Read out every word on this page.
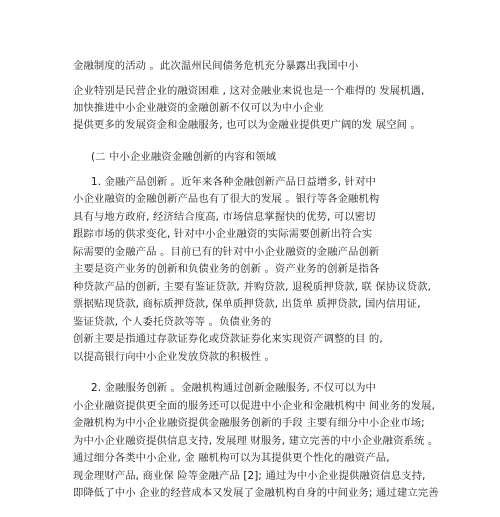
金融制度的活动 。此次温州民间债务危机充分暴露出我国中小
企业特别是民营企业的融资困难 , 这对金融业来说也是一个难得的 发展机遇,
加快推进中小企业融资的金融创新不仅可以为中小企业
提供更多的发展资金和金融服务, 也可以为金融业提供更广阔的发 展空间 。
(二 中小企业融资金融创新的内容和领域
1. 金融产品创新 。近年来各种金融创新产品日益增多, 针对中
小企业融资的金融创新产品也有了很大的发展 。银行等各金融机构
具有与地方政府, 经济结合度高, 市场信息掌握快的优势, 可以密切
跟踪市场的供求变化, 针对中小企业融资的实际需要创新出符合实
际需要的金融产品 。目前已有的针对中小企业融资的金融产品创新
主要是资产业务的创新和负债业务的创新 。资产业务的创新是指各
种贷款产品的创新, 主要有鉴证贷款, 并购贷款, 退税质押贷款, 联 保协议贷款,
票据贴现贷款, 商标质押贷款, 保单质押贷款, 出货单 质押贷款, 国内信用证,
鉴证贷款, 个人委托贷款等等 。负债业务的
创新主要是指通过存款证券化或贷款证券化来实现资产调整的目 的,
以提高银行向中小企业发放贷款的积极性 。
2. 金融服务创新 。金融机构通过创新金融服务, 不仅可以为中
小企业融资提供更全面的服务还可以促进中小企业和金融机构中 间业务的发展,
金融机构为中小企业融资提供金融服务创新的手段 主要有细分中小企业市场;
为中小企业融资提供信息支持, 发展理 财服务, 建立完善的中小企业融资系统 。
通过细分各类中小企业, 金 融机构可以为其提供更个性化的融资产品,
现金理财产品, 商业保 险等金融产品 [2]; 通过为中小企业提供融资信息支持,
即降低了中小 企业的经营成本又发展了金融机构自身的中间业务; 通过建立完善
